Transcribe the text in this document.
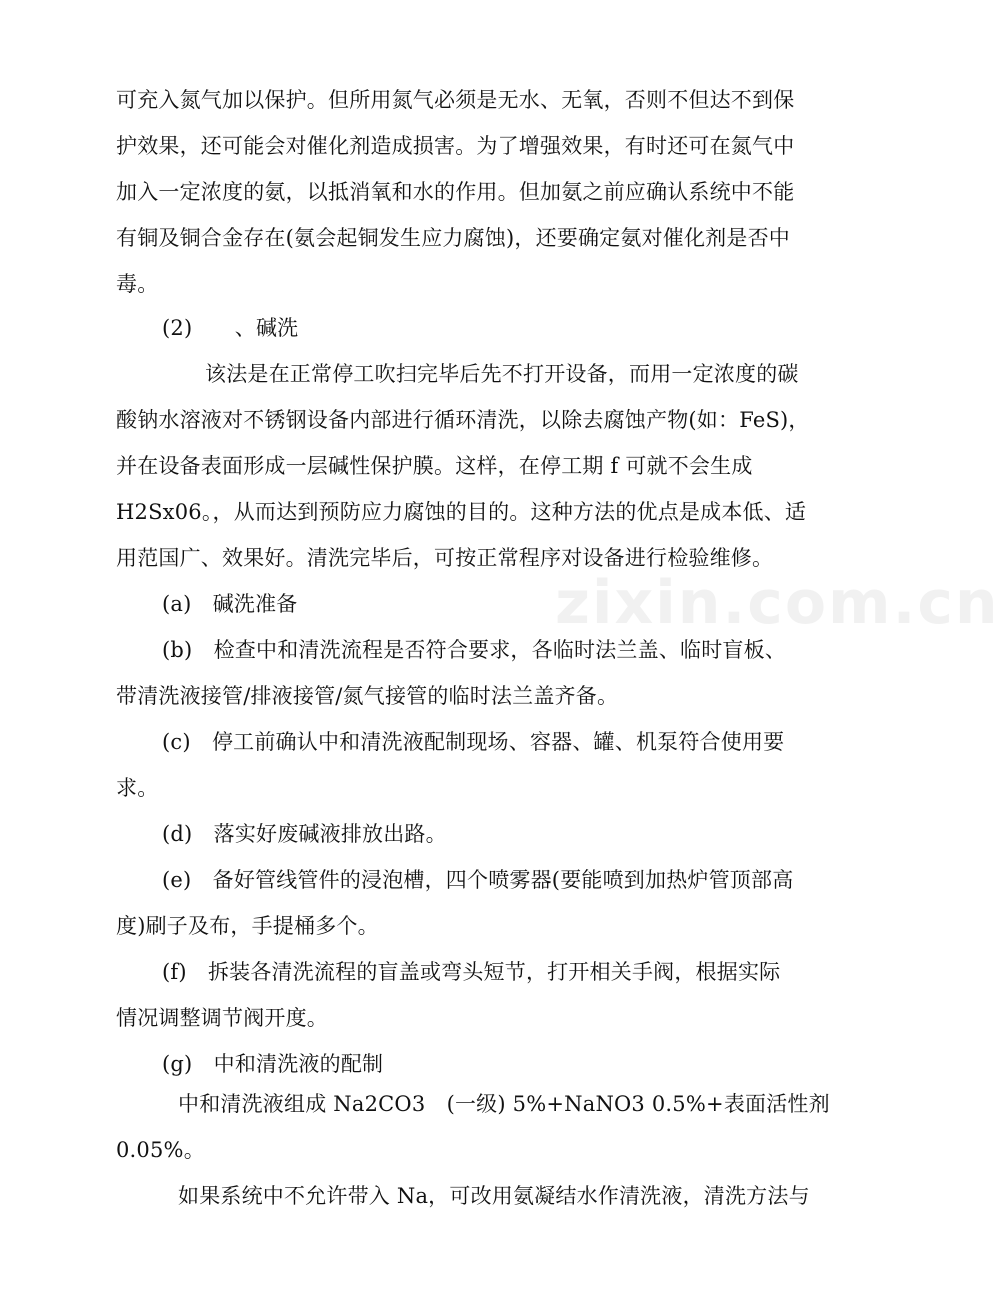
zixin.com.cn
可充入氮气加以保护。但所用氮气必须是无水、无氧，否则不但达不到保
护效果，还可能会对催化剂造成损害。为了增强效果，有时还可在氮气中
加入一定浓度的氨，以抵消氧和水的作用。但加氨之前应确认系统中不能
有铜及铜合金存在(氨会起铜发生应力腐蚀)，还要确定氨对催化剂是否中
毒。
(2)　　、碱洗
该法是在正常停工吹扫完毕后先不打开设备，而用一定浓度的碳
酸钠水溶液对不锈钢设备内部进行循环清洗，以除去腐蚀产物(如：FeS)，
并在设备表面形成一层碱性保护膜。这样，在停工期 f 可就不会生成
H2Sx06。，从而达到预防应力腐蚀的目的。这种方法的优点是成本低、适
用范国广、效果好。清洗完毕后，可按正常程序对设备进行检验维修。
(a)　碱洗准备
(b)　检查中和清洗流程是否符合要求，各临时法兰盖、临时盲板、
带清洗液接管/排液接管/氮气接管的临时法兰盖齐备。
(c)　停工前确认中和清洗液配制现场、容器、罐、机泵符合使用要
求。
(d)　落实好废碱液排放出路。
(e)　备好管线管件的浸泡槽，四个喷雾器(要能喷到加热炉管顶部高
度)刷子及布，手提桶多个。
(f)　拆装各清洗流程的盲盖或弯头短节，打开相关手阀，根据实际
情况调整调节阀开度。
(g)　中和清洗液的配制
中和清洗液组成 Na2CO3　(一级) 5%+NaNO3 0.5%+表面活性剂
0.05%。
如果系统中不允许带入 Na，可改用氨凝结水作清洗液，清洗方法与
